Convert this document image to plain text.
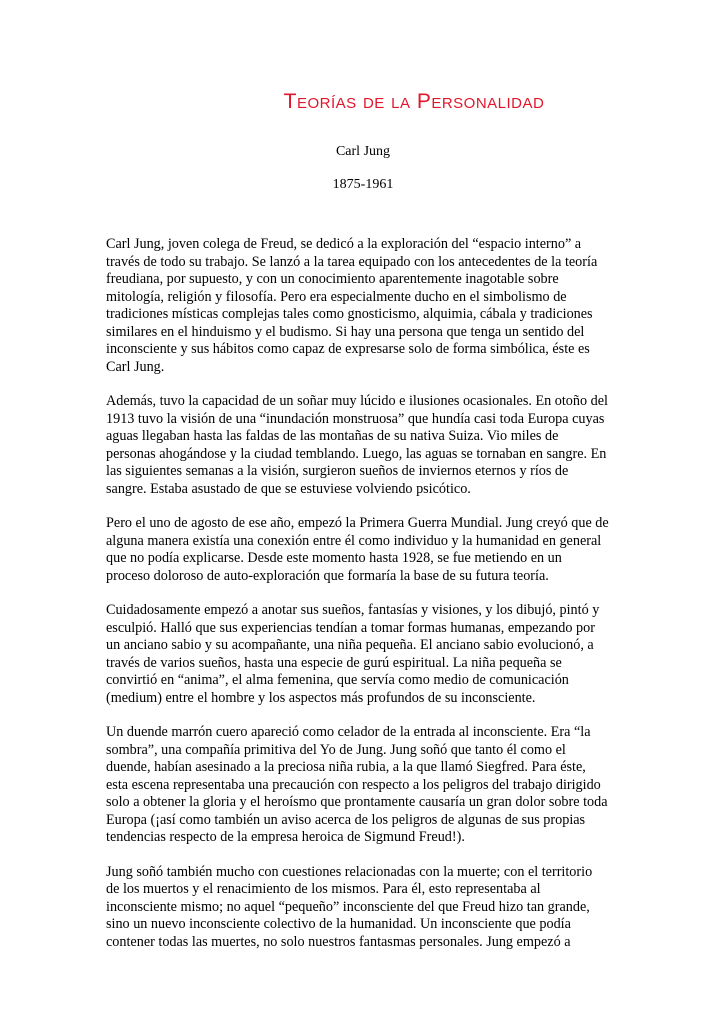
Teorías de la Personalidad
Carl Jung
1875-1961
Carl Jung, joven colega de Freud, se dedicó a la exploración del “espacio interno” a
través de todo su trabajo. Se lanzó a la tarea equipado con los antecedentes de la teoría
freudiana, por supuesto, y con un conocimiento aparentemente inagotable sobre
mitología, religión y filosofía. Pero era especialmente ducho en el simbolismo de
tradiciones místicas complejas tales como gnosticismo, alquimia, cábala y tradiciones
similares en el hinduismo y el budismo. Si hay una persona que tenga un sentido del
inconsciente y sus hábitos como capaz de expresarse solo de forma simbólica, éste es
Carl Jung.
Además, tuvo la capacidad de un soñar muy lúcido e ilusiones ocasionales. En otoño del
1913 tuvo la visión de una “inundación monstruosa” que hundía casi toda Europa cuyas
aguas llegaban hasta las faldas de las montañas de su nativa Suiza. Vio miles de
personas ahogándose y la ciudad temblando. Luego, las aguas se tornaban en sangre. En
las siguientes semanas a la visión, surgieron sueños de inviernos eternos y ríos de
sangre. Estaba asustado de que se estuviese volviendo psicótico.
Pero el uno de agosto de ese año, empezó la Primera Guerra Mundial. Jung creyó que de
alguna manera existía una conexión entre él como individuo y la humanidad en general
que no podía explicarse. Desde este momento hasta 1928, se fue metiendo en un
proceso doloroso de auto-exploración que formaría la base de su futura teoría.
Cuidadosamente empezó a anotar sus sueños, fantasías y visiones, y los dibujó, pintó y
esculpió. Halló que sus experiencias tendían a tomar formas humanas, empezando por
un anciano sabio y su acompañante, una niña pequeña. El anciano sabio evolucionó, a
través de varios sueños, hasta una especie de gurú espiritual. La niña pequeña se
convirtió en “anima”, el alma femenina, que servía como medio de comunicación
(medium) entre el hombre y los aspectos más profundos de su inconsciente.
Un duende marrón cuero apareció como celador de la entrada al inconsciente. Era “la
sombra”, una compañía primitiva del Yo de Jung. Jung soñó que tanto él como el
duende, habían asesinado a la preciosa niña rubia, a la que llamó Siegfred. Para éste,
esta escena representaba una precaución con respecto a los peligros del trabajo dirigido
solo a obtener la gloria y el heroísmo que prontamente causaría un gran dolor sobre toda
Europa (¡así como también un aviso acerca de los peligros de algunas de sus propias
tendencias respecto de la empresa heroica de Sigmund Freud!).
Jung soñó también mucho con cuestiones relacionadas con la muerte; con el territorio
de los muertos y el renacimiento de los mismos. Para él, esto representaba al
inconsciente mismo; no aquel “pequeño” inconsciente del que Freud hizo tan grande,
sino un nuevo inconsciente colectivo de la humanidad. Un inconsciente que podía
contener todas las muertes, no solo nuestros fantasmas personales. Jung empezó a
